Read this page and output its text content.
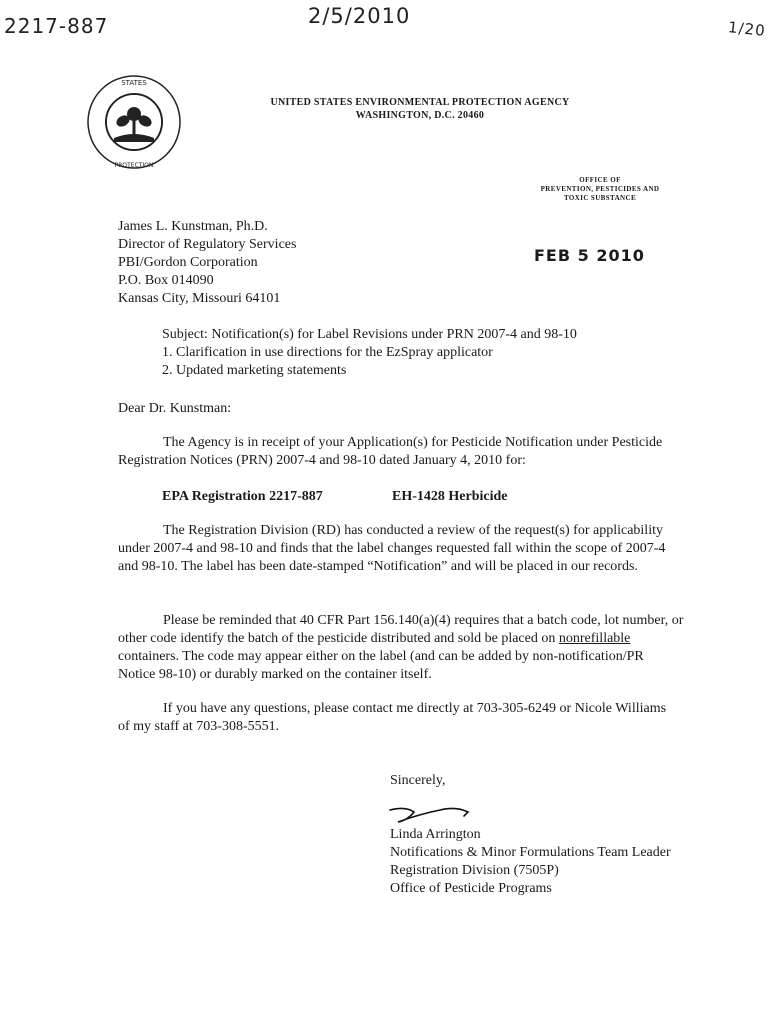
2217-887	2/5/2010
1/20
STATES
PROTECTION
UNITED STATES ENVIRONMENTAL PROTECTION AGENCY
WASHINGTON, D.C. 20460
OFFICE OF
PREVENTION, PESTICIDES AND
TOXIC SUBSTANCE
FEB 5 2010
James L. Kunstman, Ph.D.
Director of Regulatory Services
PBI/Gordon Corporation
P.O. Box 014090
Kansas City, Missouri 64101
Subject: Notification(s) for Label Revisions under PRN 2007-4 and 98-10
1. Clarification in use directions for the EzSpray applicator
2. Updated marketing statements
Dear Dr. Kunstman:
The Agency is in receipt of your Application(s) for Pesticide Notification under Pesticide Registration Notices (PRN) 2007-4 and 98-10 dated January 4, 2010 for:
EPA Registration 2217-887	EH-1428 Herbicide
The Registration Division (RD) has conducted a review of the request(s) for applicability under 2007-4 and 98-10 and finds that the label changes requested fall within the scope of 2007-4 and 98-10. The label has been date-stamped “Notification” and will be placed in our records.
Please be reminded that 40 CFR Part 156.140(a)(4) requires that a batch code, lot number, or other code identify the batch of the pesticide distributed and sold be placed on nonrefillable containers. The code may appear either on the label (and can be added by non-notification/PR Notice 98-10) or durably marked on the container itself.
If you have any questions, please contact me directly at 703-305-6249 or Nicole Williams of my staff at 703-308-5551.
Sincerely,
Linda Arrington
Notifications & Minor Formulations Team Leader
Registration Division (7505P)
Office of Pesticide Programs
